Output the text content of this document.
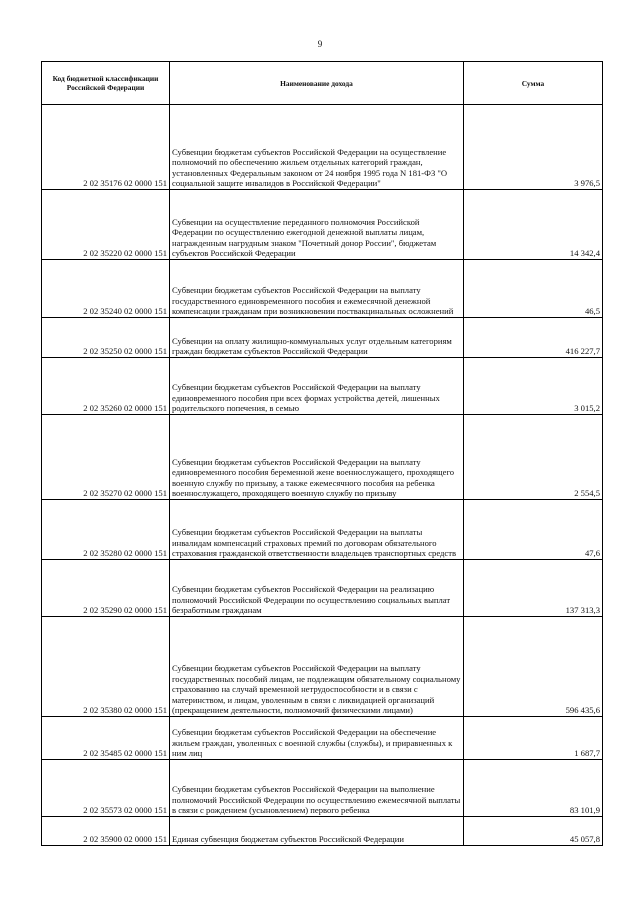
9
Код бюджетной классификации Российской Федерации	Наименование дохода	Сумма
2 02 35176 02 0000 151	Субвенции бюджетам субъектов Российской Федерации на осуществление полномочий по обеспечению жильем отдельных категорий граждан, установленных Федеральным законом от 24 ноября 1995 года N 181-ФЗ "О социальной защите инвалидов в Российской Федерации"	3 976,5
2 02 35220 02 0000 151	Субвенции на осуществление переданного полномочия Российской Федерации по осуществлению ежегодной денежной выплаты лицам, награжденным нагрудным знаком "Почетный донор России", бюджетам субъектов Российской Федерации	14 342,4
2 02 35240 02 0000 151	Субвенции бюджетам субъектов Российской Федерации на выплату государственного единовременного пособия и ежемесячной денежной компенсации гражданам при возникновении поствакцинальных осложнений	46,5
2 02 35250 02 0000 151	Субвенции на оплату жилищно-коммунальных услуг отдельным категориям граждан бюджетам субъектов Российской Федерации	416 227,7
2 02 35260 02 0000 151	Субвенции бюджетам субъектов Российской Федерации на выплату единовременного пособия при всех формах устройства детей, лишенных родительского попечения, в семью	3 015,2
2 02 35270 02 0000 151	Субвенции бюджетам субъектов Российской Федерации на выплату единовременного пособия беременной жене военнослужащего, проходящего военную службу по призыву, а также ежемесячного пособия на ребенка военнослужащего, проходящего военную службу по призыву	2 554,5
2 02 35280 02 0000 151	Субвенции бюджетам субъектов Российской Федерации на выплаты инвалидам компенсаций страховых премий по договорам обязательного страхования гражданской ответственности владельцев транспортных средств	47,6
2 02 35290 02 0000 151	Субвенции бюджетам субъектов Российской Федерации на реализацию полномочий Российской Федерации по осуществлению социальных выплат безработным гражданам	137 313,3
2 02 35380 02 0000 151	Субвенции бюджетам субъектов Российской Федерации на выплату государственных пособий лицам, не подлежащим обязательному социальному страхованию на случай временной нетрудоспособности и в связи с материнством, и лицам, уволенным в связи с ликвидацией организаций (прекращением деятельности, полномочий физическими лицами)	596 435,6
2 02 35485 02 0000 151	Субвенции бюджетам субъектов Российской Федерации на обеспечение жильем граждан, уволенных с военной службы (службы), и приравненных к ним лиц	1 687,7
2 02 35573 02 0000 151	Субвенции бюджетам субъектов Российской Федерации на выполнение полномочий Российской Федерации по осуществлению ежемесячной выплаты в связи с рождением (усыновлением) первого ребенка	83 101,9
2 02 35900 02 0000 151	Единая субвенция бюджетам субъектов Российской Федерации	45 057,8
